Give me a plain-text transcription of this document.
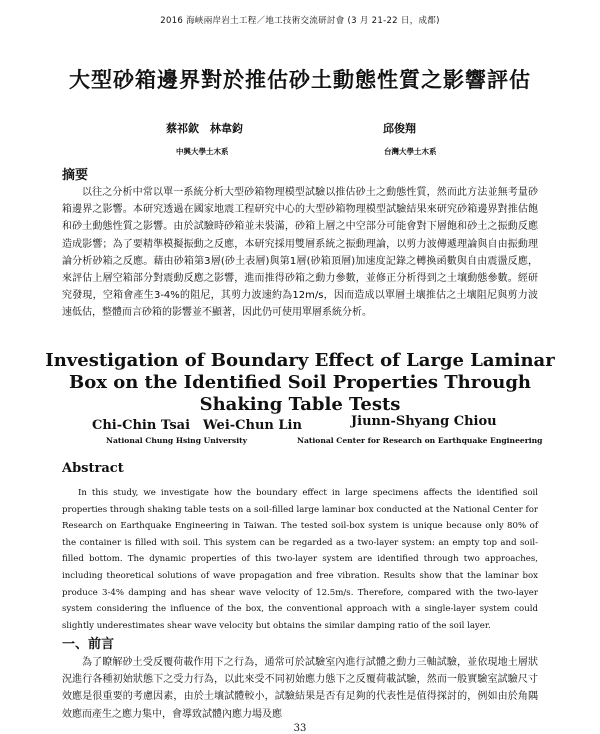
2016 海峽兩岸岩土工程／地工技術交流研討會 (3 月 21-22 日，成都)
大型砂箱邊界對於推估砂土動態性質之影響評估
蔡祁欽　林韋鈞	邱俊翔
中興大學土木系	台灣大學土木系
摘要

以往之分析中常以單一系統分析大型砂箱物理模型試驗以推估砂土之動態性質，然而此方法並無考量砂箱邊界之影響。本研究透過在國家地震工程研究中心的大型砂箱物理模型試驗結果來研究砂箱邊界對推估飽和砂土動態性質之影響。由於試驗時砂箱並未裝滿，砂箱上層之中空部分可能會對下層飽和砂土之振動反應造成影響；為了要精準模擬振動之反應，本研究採用雙層系統之振動理論，以剪力波傳遞理論與自由振動理論分析砂箱之反應。藉由砂箱第3層(砂土表層)與第1層(砂箱頂層)加速度記錄之轉換函數與自由震盪反應，來評估上層空箱部分對震動反應之影響，進而推得砂箱之動力參數，並修正分析得到之土壤動態參數。經研究發現，空箱會產生3-4%的阻尼，其剪力波速約為12m/s，因而造成以單層土壤推估之土壤阻尼與剪力波速低估，整體而言砂箱的影響並不顯著，因此仍可使用單層系統分析。

Investigation of Boundary Effect of Large Laminar
Box on the Identified Soil Properties Through
Shaking Table Tests
Chi-Chin Tsai　Wei-Chun Lin	Jiunn-Shyang Chiou
National Chung Hsing University	National Center for Research on Earthquake Engineering
Abstract

In this study, we investigate how the boundary effect in large specimens affects the identified soil properties through shaking table tests on a soil-filled large laminar box conducted at the National Center for Research on Earthquake Engineering in Taiwan. The tested soil-box system is unique because only 80% of the container is filled with soil. This system can be regarded as a two-layer system: an empty top and soil-filled bottom. The dynamic properties of this two-layer system are identified through two approaches, including theoretical solutions of wave propagation and free vibration. Results show that the laminar box produce 3-4% damping and has shear wave velocity of 12.5m/s. Therefore, compared with the two-layer system considering the influence of the box, the conventional approach with a single-layer system could slightly underestimates shear wave velocity but obtains the similar damping ratio of the soil layer.

一、前言

為了瞭解砂土受反覆荷載作用下之行為，通常可於試驗室內進行試體之動力三軸試驗，並依現地土層狀況進行各種初始狀態下之受力行為，以此來受不同初始應力態下之反覆荷載試驗，然而一般實驗室試驗尺寸效應是很重要的考慮因素，由於土壤試體較小，試驗結果是否有足夠的代表性是值得探討的，例如由於角隅效應而產生之應力集中，會導致試體內應力場及應

33
